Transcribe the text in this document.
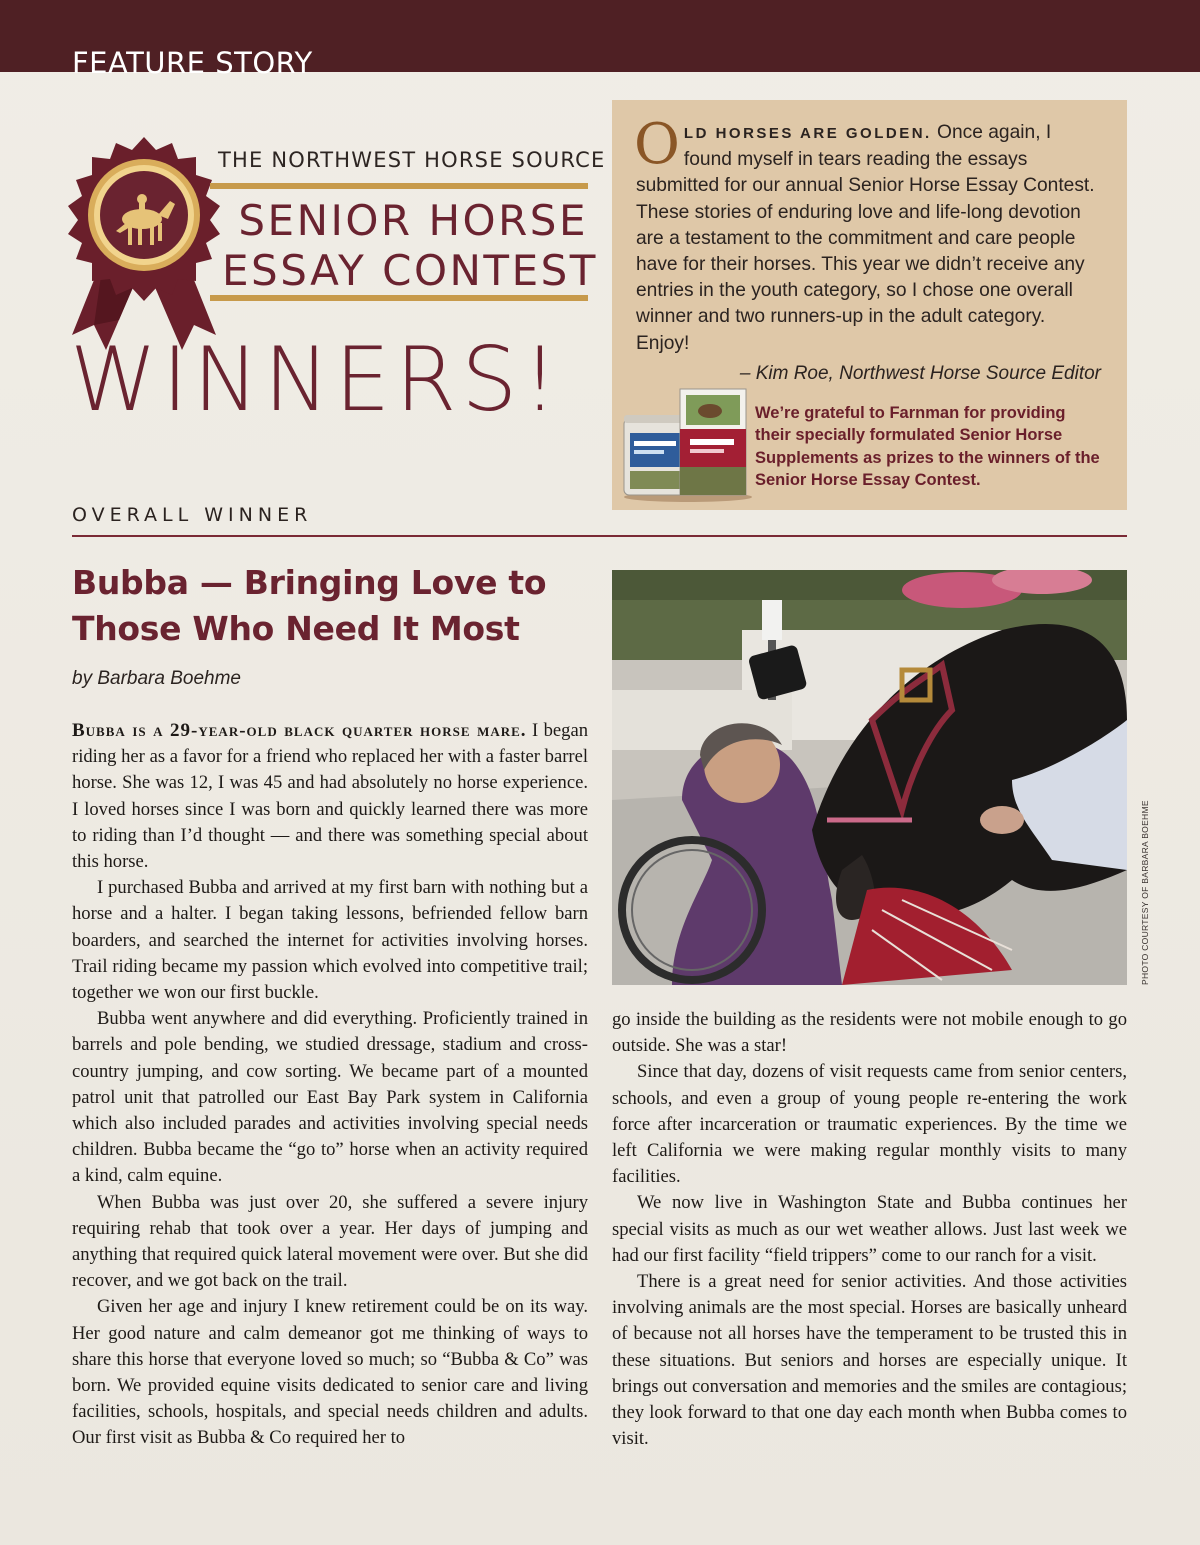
FEATURE STORY

THE NORTHWEST HORSE SOURCE

SENIOR HORSE
ESSAY CONTEST
WINNERS!

OLD HORSES ARE GOLDEN. Once again, I found myself in tears reading the essays submitted for our annual Senior Horse Essay Contest. These stories of enduring love and life-long devotion are a testament to the commitment and care people have for their horses. This year we didn’t receive any entries in the youth category, so I chose one overall winner and two runners-up in the adult category. Enjoy!

– Kim Roe, Northwest Horse Source Editor

We’re grateful to Farnman for providing their specially formulated Senior Horse Supplements as prizes to the winners of the Senior Horse Essay Contest.

OVERALL WINNER

Bubba — Bringing Love to
Those Who Need It Most

by Barbara Boehme

Bubba is a 29-year-old black quarter horse mare. I began riding her as a favor for a friend who replaced her with a faster barrel horse. She was 12, I was 45 and had absolutely no horse experience. I loved horses since I was born and quickly learned there was more to riding than I’d thought — and there was something special about this horse.

I purchased Bubba and arrived at my first barn with nothing but a horse and a halter. I began taking lessons, befriended fellow barn boarders, and searched the internet for activities involving horses. Trail riding became my passion which evolved into competitive trail; together we won our first buckle.

Bubba went anywhere and did everything. Proficiently trained in barrels and pole bending, we studied dressage, stadium and cross-country jumping, and cow sorting. We became part of a mounted patrol unit that patrolled our East Bay Park system in California which also included parades and activities involving special needs children. Bubba became the “go to” horse when an activity required a kind, calm equine.

When Bubba was just over 20, she suffered a severe injury requiring rehab that took over a year. Her days of jumping and anything that required quick lateral movement were over. But she did recover, and we got back on the trail.

Given her age and injury I knew retirement could be on its way. Her good nature and calm demeanor got me thinking of ways to share this horse that everyone loved so much; so “Bubba & Co” was born. We provided equine visits dedicated to senior care and living facilities, schools, hospitals, and special needs children and adults. Our first visit as Bubba & Co required her to

PHOTO COURTESY OF BARBARA BOEHME

go inside the building as the residents were not mobile enough to go outside. She was a star!

Since that day, dozens of visit requests came from senior centers, schools, and even a group of young people re-entering the work force after incarceration or traumatic experiences. By the time we left California we were making regular monthly visits to many facilities.

We now live in Washington State and Bubba continues her special visits as much as our wet weather allows. Just last week we had our first facility “field trippers” come to our ranch for a visit.

There is a great need for senior activities. And those activities involving animals are the most special. Horses are basically unheard of because not all horses have the temperament to be trusted this in these situations. But seniors and horses are especially unique. It brings out conversation and memories and the smiles are contagious; they look forward to that one day each month when Bubba comes to visit.
